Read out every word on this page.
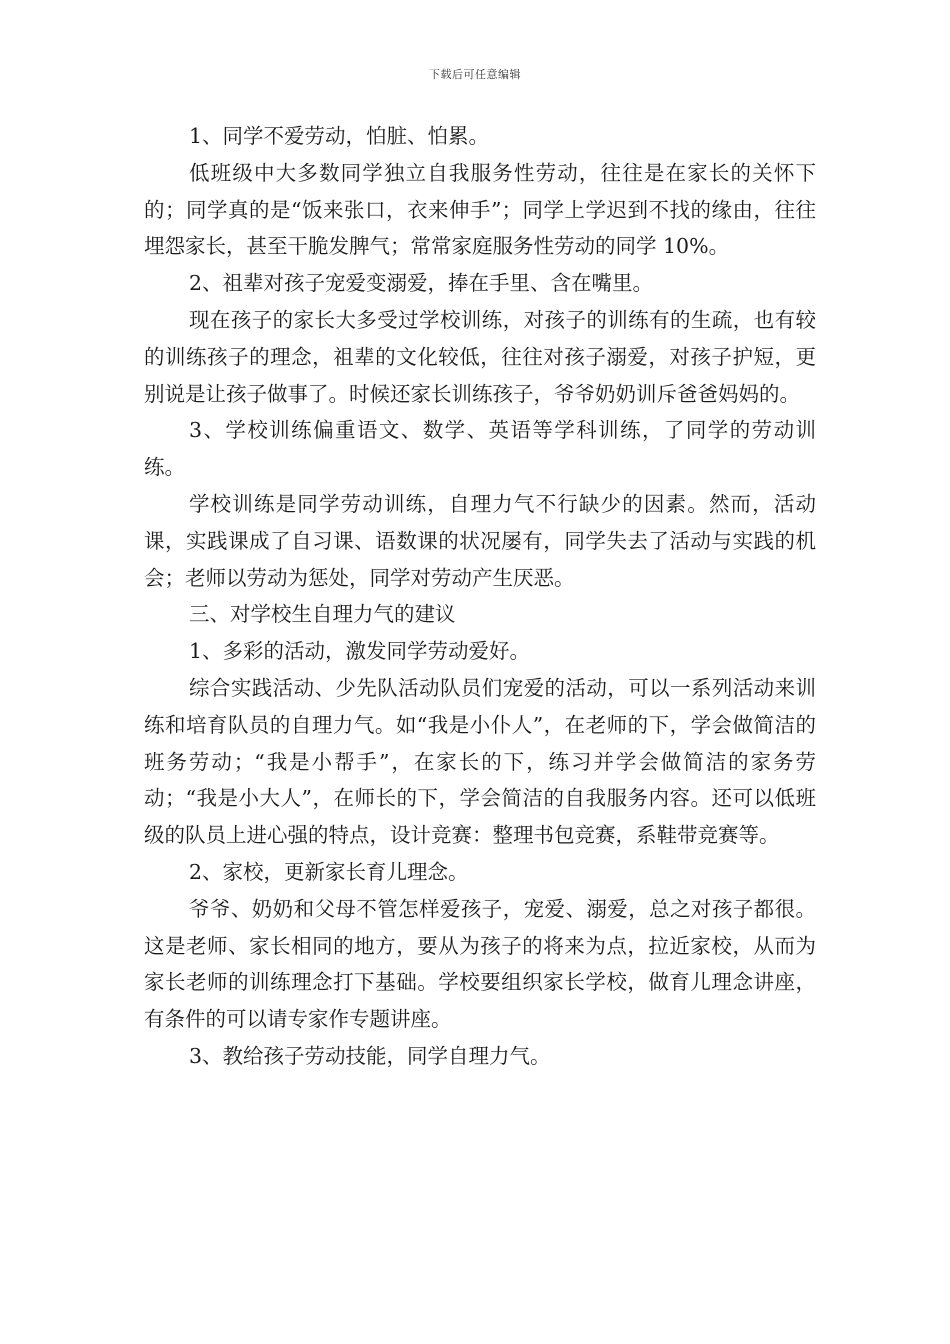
下载后可任意编辑

1、同学不爱劳动，怕脏、怕累。

低班级中大多数同学独立自我服务性劳动，往往是在家长的关怀下的；同学真的是“饭来张口，衣来伸手”；同学上学迟到不找的缘由，往往埋怨家长，甚至干脆发脾气；常常家庭服务性劳动的同学 10%。

2、祖辈对孩子宠爱变溺爱，捧在手里、含在嘴里。

现在孩子的家长大多受过学校训练，对孩子的训练有的生疏，也有较的训练孩子的理念，祖辈的文化较低，往往对孩子溺爱，对孩子护短，更别说是让孩子做事了。时候还家长训练孩子，爷爷奶奶训斥爸爸妈妈的。

3、学校训练偏重语文、数学、英语等学科训练，了同学的劳动训练。

学校训练是同学劳动训练，自理力气不行缺少的因素。然而，活动课，实践课成了自习课、语数课的状况屡有，同学失去了活动与实践的机会；老师以劳动为惩处，同学对劳动产生厌恶。

三、对学校生自理力气的建议

1、多彩的活动，激发同学劳动爱好。

综合实践活动、少先队活动队员们宠爱的活动，可以一系列活动来训练和培育队员的自理力气。如“我是小仆人”，在老师的下，学会做简洁的班务劳动；“我是小帮手”，在家长的下，练习并学会做简洁的家务劳动；“我是小大人”，在师长的下，学会简洁的自我服务内容。还可以低班级的队员上进心强的特点，设计竞赛：整理书包竞赛，系鞋带竞赛等。

2、家校，更新家长育儿理念。

爷爷、奶奶和父母不管怎样爱孩子，宠爱、溺爱，总之对孩子都很。这是老师、家长相同的地方，要从为孩子的将来为点，拉近家校，从而为家长老师的训练理念打下基础。学校要组织家长学校，做育儿理念讲座，有条件的可以请专家作专题讲座。

3、教给孩子劳动技能，同学自理力气。
